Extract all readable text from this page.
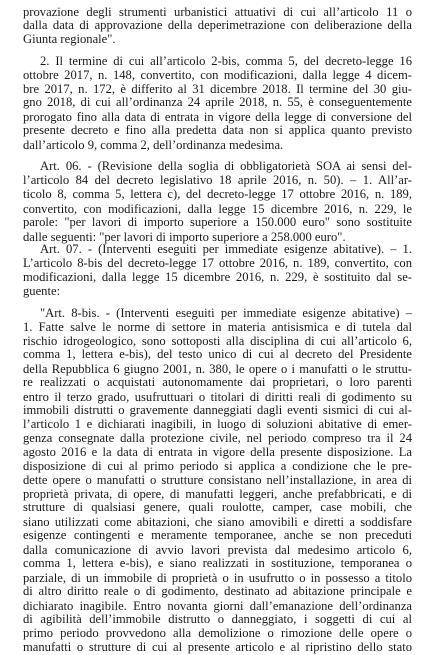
provazione degli strumenti urbanistici attuativi di cui all’articolo 11 o
dalla data di approvazione della deperimetrazione con deliberazione della
Giunta regionale".
2. Il termine di cui all’articolo 2-bis, comma 5, del decreto-legge 16
ottobre 2017, n. 148, convertito, con modificazioni, dalla legge 4 dicem-
bre 2017, n. 172, è differito al 31 dicembre 2018. Il termine del 30 giu-
gno 2018, di cui all’ordinanza 24 aprile 2018, n. 55, è conseguentemente
prorogato fino alla data di entrata in vigore della legge di conversione del
presente decreto e fino alla predetta data non si applica quanto previsto
dall’articolo 9, comma 2, dell’ordinanza medesima.
Art. 06. - (Revisione della soglia di obbligatorietà SOA ai sensi del-
l’articolo 84 del decreto legislativo 18 aprile 2016, n. 50). – 1. All’ar-
ticolo 8, comma 5, lettera c), del decreto-legge 17 ottobre 2016, n. 189,
convertito, con modificazioni, dalla legge 15 dicembre 2016, n. 229, le
parole: "per lavori di importo superiore a 150.000 euro" sono sostituite
dalle seguenti: "per lavori di importo superiore a 258.000 euro".
Art. 07. - (Interventi eseguiti per immediate esigenze abitative). – 1.
L’articolo 8-bis del decreto-legge 17 ottobre 2016, n. 189, convertito, con
modificazioni, dalla legge 15 dicembre 2016, n. 229, è sostituito dal se-
guente:
"Art. 8-bis. - (Interventi eseguiti per immediate esigenze abitative) –
1. Fatte salve le norme di settore in materia antisismica e di tutela dal
rischio idrogeologico, sono sottoposti alla disciplina di cui all’articolo 6,
comma 1, lettera e-bis), del testo unico di cui al decreto del Presidente
della Repubblica 6 giugno 2001, n. 380, le opere o i manufatti o le struttu-
re realizzati o acquistati autonomamente dai proprietari, o loro parenti
entro il terzo grado, usufruttuari o titolari di diritti reali di godimento su
immobili distrutti o gravemente danneggiati dagli eventi sismici di cui al-
l’articolo 1 e dichiarati inagibili, in luogo di soluzioni abitative di emer-
genza consegnate dalla protezione civile, nel periodo compreso tra il 24
agosto 2016 e la data di entrata in vigore della presente disposizione. La
disposizione di cui al primo periodo si applica a condizione che le pre-
dette opere o manufatti o strutture consistano nell’installazione, in area di
proprietà privata, di opere, di manufatti leggeri, anche prefabbricati, e di
strutture di qualsiasi genere, quali roulotte, camper, case mobili, che
siano utilizzati come abitazioni, che siano amovibili e diretti a soddisfare
esigenze contingenti e meramente temporanee, anche se non preceduti
dalla comunicazione di avvio lavori prevista dal medesimo articolo 6,
comma 1, lettera e-bis), e siano realizzati in sostituzione, temporanea o
parziale, di un immobile di proprietà o in usufrutto o in possesso a titolo
di altro diritto reale o di godimento, destinato ad abitazione principale e
dichiarato inagibile. Entro novanta giorni dall’emanazione dell’ordinanza
di agibilità dell’immobile distrutto o danneggiato, i soggetti di cui al
primo periodo provvedono alla demolizione o rimozione delle opere o
manufatti o strutture di cui al presente articolo e al ripristino dello stato
